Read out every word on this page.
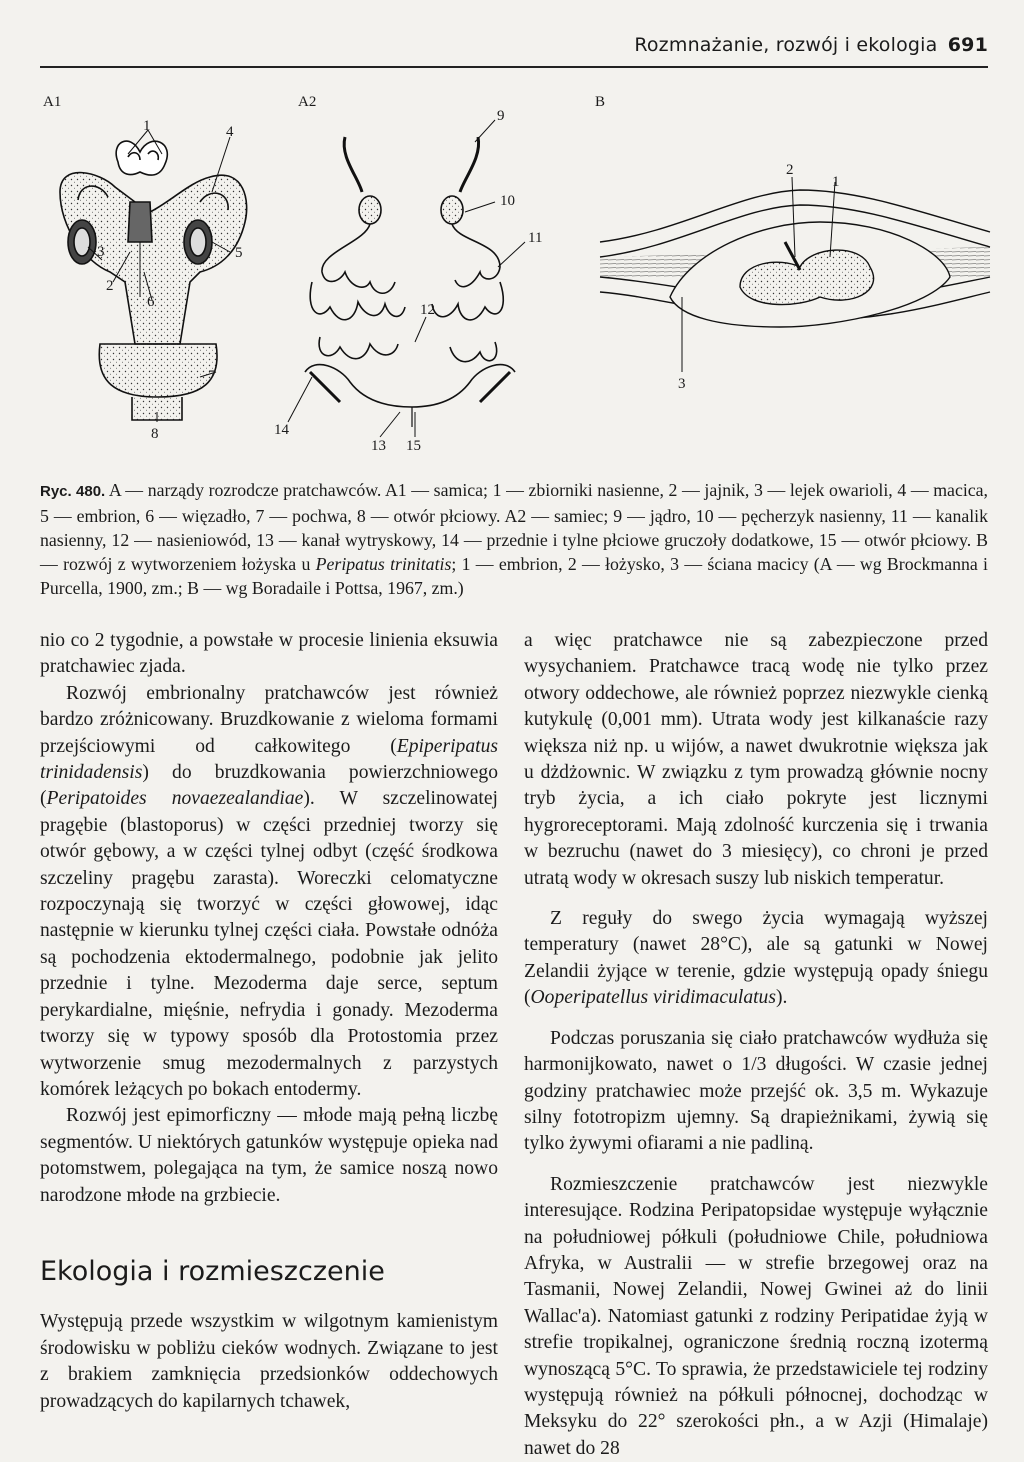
Rozmnażanie, rozwój i ekologia 691
A1	A2	B
1	4
3	5
2
6
7
8
9
10
11
12
14
13 15
2
1
3
Ryc. 480. A — narządy rozrodcze pratchawców. A1 — samica; 1 — zbiorniki nasienne, 2 — jajnik, 3 — lejek owarioli, 4 — macica, 5 — embrion, 6 — więzadło, 7 — pochwa, 8 — otwór płciowy. A2 — samiec; 9 — jądro, 10 — pęcherzyk nasienny, 11 — kanalik nasienny, 12 — nasieniowód, 13 — kanał wytryskowy, 14 — przednie i tylne płciowe gruczoły dodatkowe, 15 — otwór płciowy. B — rozwój z wytworzeniem łożyska u Peripatus trinitatis; 1 — embrion, 2 — łożysko, 3 — ściana macicy (A — wg Brockmanna i Purcella, 1900, zm.; B — wg Boradaile i Pottsa, 1967, zm.)

nio co 2 tygodnie, a powstałe w procesie linienia eksuwia pratchawiec zjada.

Rozwój embrionalny pratchawców jest również bardzo zróżnicowany. Bruzdkowanie z wieloma formami przejściowymi od całkowitego (Epiperipatus trinidadensis) do bruzdkowania powierzchniowego (Peripatoides novaezealandiae). W szczelinowatej pragębie (blastoporus) w części przedniej tworzy się otwór gębowy, a w części tylnej odbyt (część środkowa szczeliny pragębu zarasta). Woreczki celomatyczne rozpoczynają się tworzyć w części głowowej, idąc następnie w kierunku tylnej części ciała. Powstałe odnóża są pochodzenia ektodermalnego, podobnie jak jelito przednie i tylne. Mezoderma daje serce, septum perykardialne, mięśnie, nefrydia i gonady. Mezoderma tworzy się w typowy sposób dla Protostomia przez wytworzenie smug mezodermalnych z parzystych komórek leżących po bokach entodermy.

Rozwój jest epimorficzny — młode mają pełną liczbę segmentów. U niektórych gatunków występuje opieka nad potomstwem, polegająca na tym, że samice noszą nowo narodzone młode na grzbiecie.

Ekologia i rozmieszczenie

Występują przede wszystkim w wilgotnym kamienistym środowisku w pobliżu cieków wodnych. Związane to jest z brakiem zamknięcia przedsionków oddechowych prowadzących do kapilarnych tchawek,

a więc pratchawce nie są zabezpieczone przed wysychaniem. Pratchawce tracą wodę nie tylko przez otwory oddechowe, ale również poprzez niezwykle cienką kutykulę (0,001 mm). Utrata wody jest kilkanaście razy większa niż np. u wijów, a nawet dwukrotnie większa jak u dżdżownic. W związku z tym prowadzą głównie nocny tryb życia, a ich ciało pokryte jest licznymi hygroreceptorami. Mają zdolność kurczenia się i trwania w bezruchu (nawet do 3 miesięcy), co chroni je przed utratą wody w okresach suszy lub niskich temperatur.

Z reguły do swego życia wymagają wyższej temperatury (nawet 28°C), ale są gatunki w Nowej Zelandii żyjące w terenie, gdzie występują opady śniegu (Ooperipatellus viridimaculatus).

Podczas poruszania się ciało pratchawców wydłuża się harmonijkowato, nawet o 1/3 długości. W czasie jednej godziny pratchawiec może przejść ok. 3,5 m. Wykazuje silny fototropizm ujemny. Są drapieżnikami, żywią się tylko żywymi ofiarami a nie padliną.

Rozmieszczenie pratchawców jest niezwykle interesujące. Rodzina Peripatopsidae występuje wyłącznie na południowej półkuli (południowe Chile, południowa Afryka, w Australii — w strefie brzegowej oraz na Tasmanii, Nowej Zelandii, Nowej Gwinei aż do linii Wallac'a). Natomiast gatunki z rodziny Peripatidae żyją w strefie tropikalnej, ograniczone średnią roczną izotermą wynoszącą 5°C. To sprawia, że przedstawiciele tej rodziny występują również na półkuli północnej, dochodząc w Meksyku do 22° szerokości płn., a w Azji (Himalaje) nawet do 28
